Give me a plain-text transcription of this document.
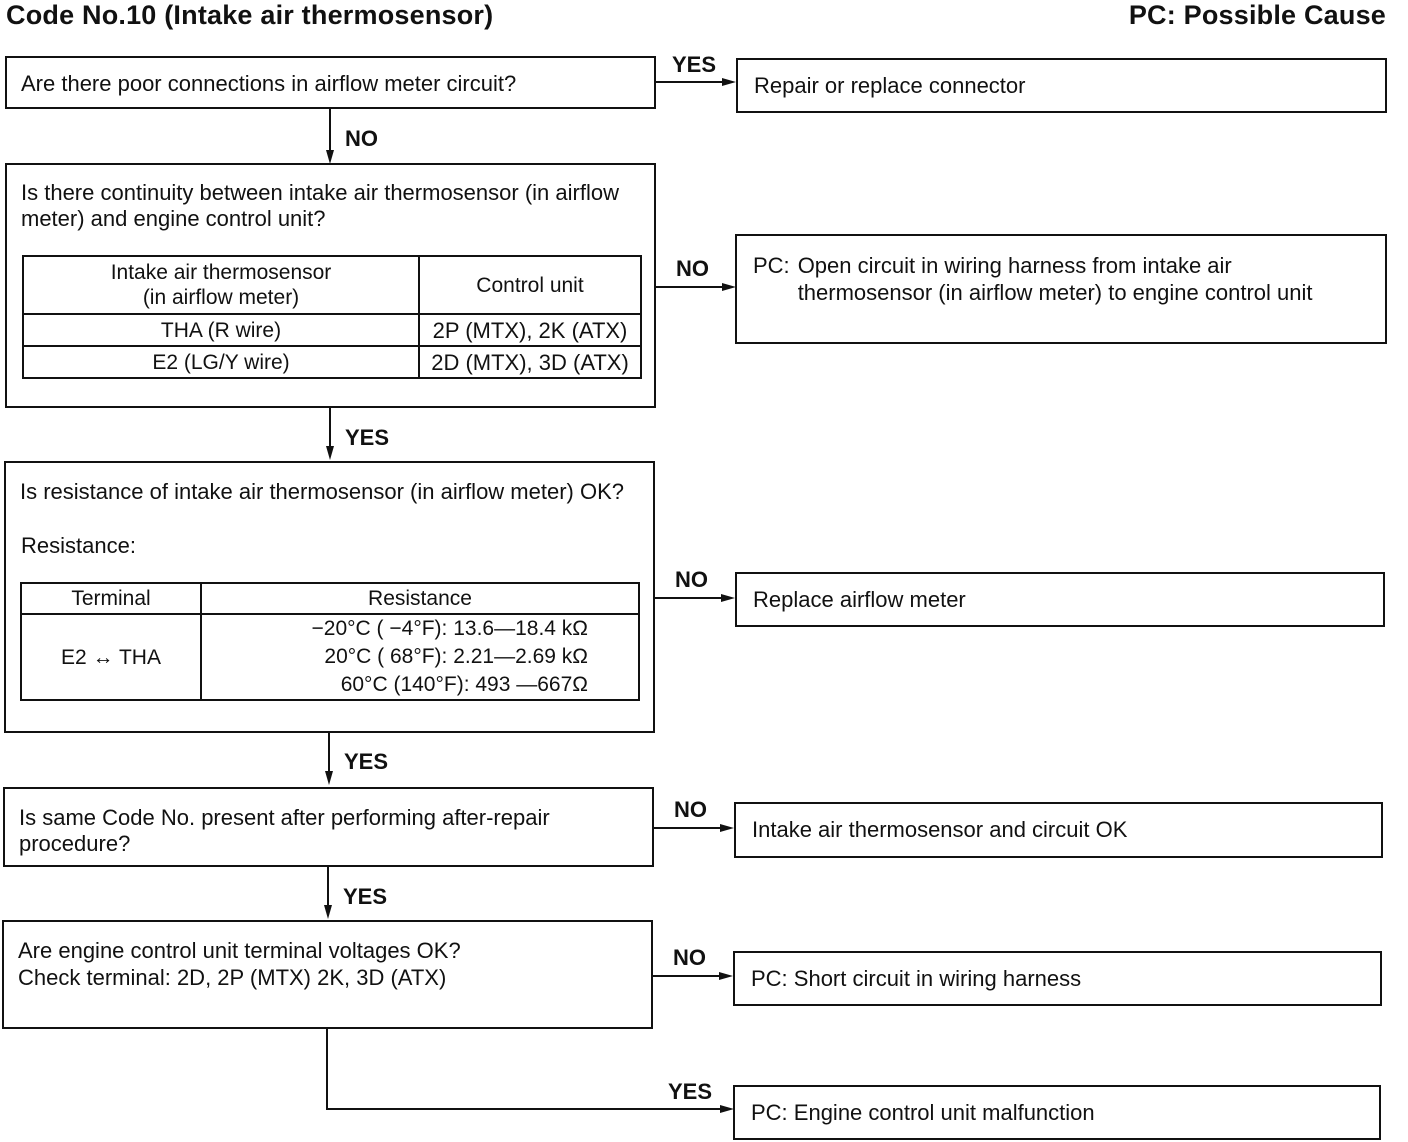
Code No.10 (Intake air thermosensor)	PC: Possible Cause
Are there poor connections in airflow meter circuit?
YES
Repair or replace connector
NO
Is there continuity between intake air thermosensor (in airflow meter) and engine control unit?
Intake air thermosensor
(in airflow meter)	Control unit
THA (R wire)	2P (MTX), 2K (ATX)
E2 (LG/Y wire)	2D (MTX), 3D (ATX)
NO PC: Open circuit in wiring harness from intake air thermosensor (in airflow meter) to engine control unit
YES
Is resistance of intake air thermosensor (in airflow meter) OK?
Resistance:
Terminal	Resistance
E2 ↔ THA	−20°C ( −4°F): 13.6—18.4 kΩ
20°C ( 68°F): 2.21—2.69 kΩ
60°C (140°F): 493 —667Ω
NO
Replace airflow meter
YES
Is same Code No. present after performing after-repair procedure?
NO
Intake air thermosensor and circuit OK
YES
Are engine control unit terminal voltages OK?
Check terminal: 2D, 2P (MTX) 2K, 3D (ATX)
NO
PC: Short circuit in wiring harness
YES
PC: Engine control unit malfunction
